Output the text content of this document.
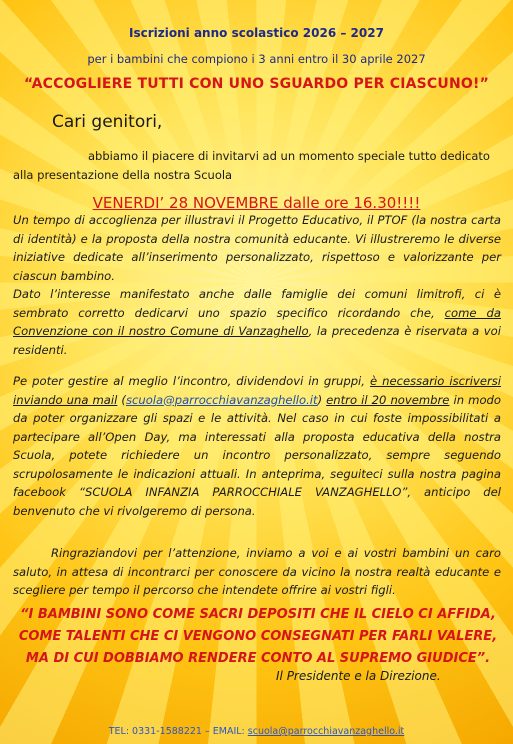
Iscrizioni anno scolastico 2026 – 2027
per i bambini che compiono i 3 anni entro il 30 aprile 2027
“ACCOGLIERE TUTTI CON UNO SGUARDO PER CIASCUNO!”
Cari genitori,
abbiamo il piacere di invitarvi ad un momento speciale tutto dedicato
alla presentazione della nostra Scuola
VENERDI’ 28 NOVEMBRE dalle ore 16.30!!!!

Un tempo di accoglienza per illustravi il Progetto Educativo, il PTOF (la nostra carta di identità) e la proposta della nostra comunità educante. Vi illustreremo le diverse iniziative dedicate all’inserimento personalizzato, rispettoso e valorizzante per ciascun bambino.

Dato l’interesse manifestato anche dalle famiglie dei comuni limitrofi, ci è sembrato corretto dedicarvi uno spazio specifico ricordando che, come da Convenzione con il nostro Comune di Vanzaghello, la precedenza è riservata a voi residenti.

Pe poter gestire al meglio l’incontro, dividendovi in gruppi, è necessario iscriversi inviando una mail (scuola@parrocchiavanzaghello.it) entro il 20 novembre in modo da poter organizzare gli spazi e le attività. Nel caso in cui foste impossibilitati a partecipare all’Open Day, ma interessati alla proposta educativa della nostra Scuola, potete richiedere un incontro personalizzato, sempre seguendo scrupolosamente le indicazioni attuali. In anteprima, seguiteci sulla nostra pagina facebook “SCUOLA INFANZIA PARROCCHIALE VANZAGHELLO”, anticipo del benvenuto che vi rivolgeremo di persona.

Ringraziandovi per l’attenzione, inviamo a voi e ai vostri bambini un caro saluto, in attesa di incontrarci per conoscere da vicino la nostra realtà educante e scegliere per tempo il percorso che intendete offrire ai vostri figli.

“I BAMBINI SONO COME SACRI DEPOSITI CHE IL CIELO CI AFFIDA, COME TALENTI CHE CI VENGONO CONSEGNATI PER FARLI VALERE, MA DI CUI DOBBIAMO RENDERE CONTO AL SUPREMO GIUDICE”.
Il Presidente e la Direzione.
TEL: 0331-1588221 – EMAIL: scuola@parrocchiavanzaghello.it
